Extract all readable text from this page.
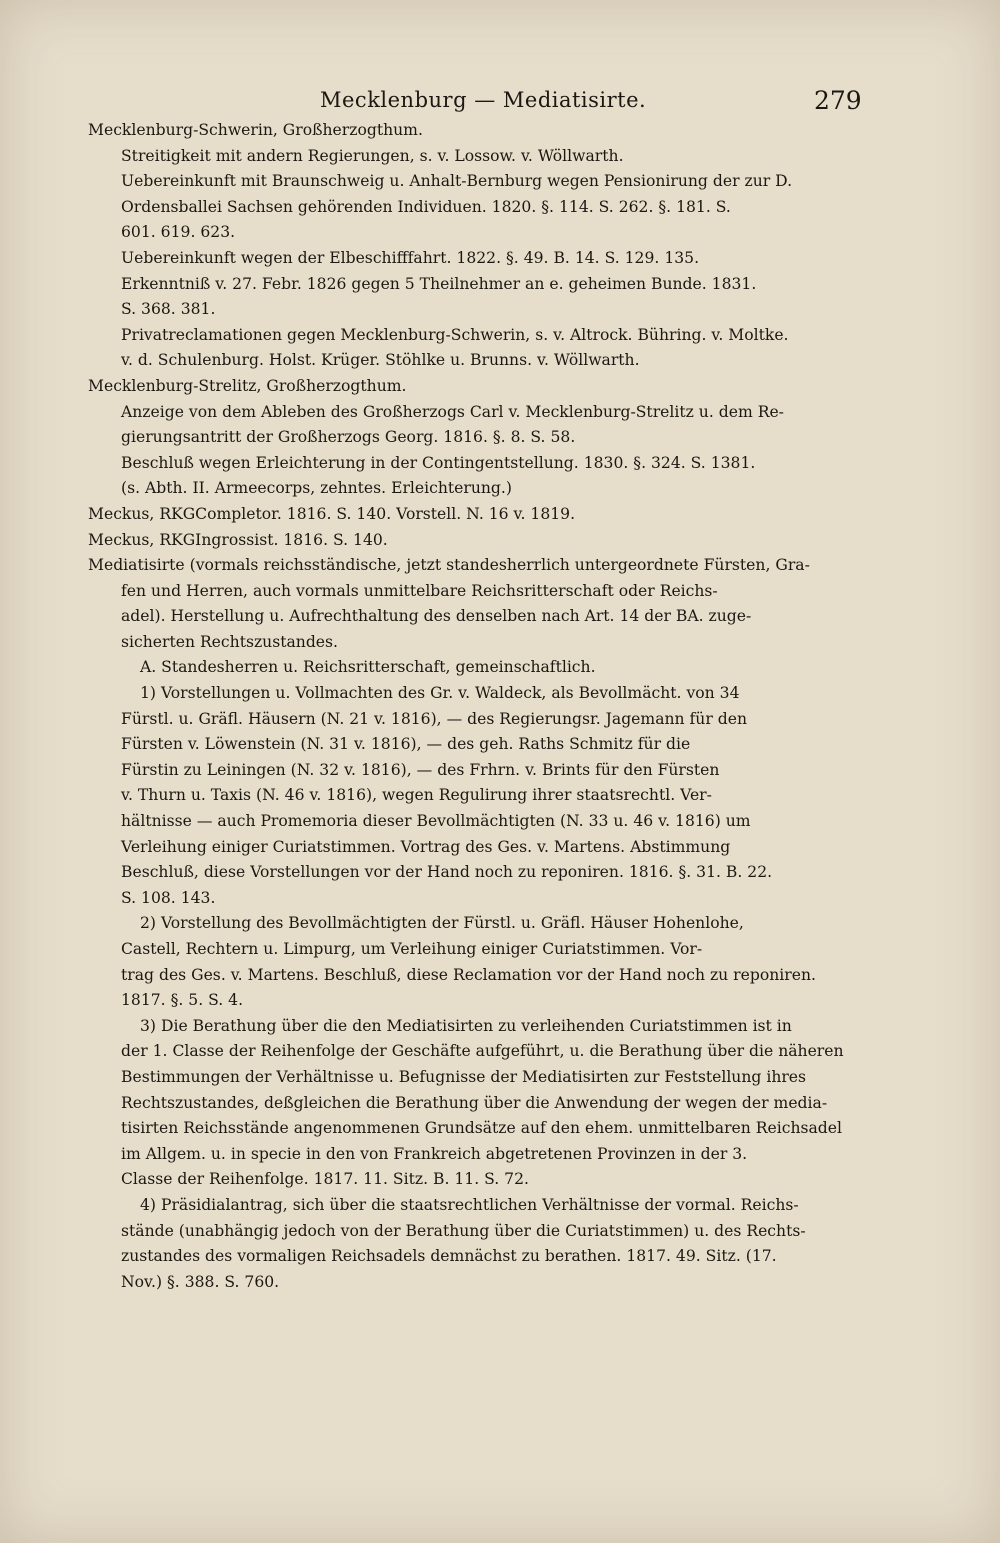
Mecklenburg — Mediatisirte.	279
Mecklenburg-Schwerin, Großherzogthum.
Streitigkeit mit andern Regierungen, s. v. Lossow. v. Wöllwarth.
Uebereinkunft mit Braunschweig u. Anhalt-Bernburg wegen Pensionirung der zur D.
Ordensballei Sachsen gehörenden Individuen. 1820. §. 114. S. 262. §. 181. S.
601. 619. 623.
Uebereinkunft wegen der Elbeschifffahrt. 1822. §. 49. B. 14. S. 129. 135.
Erkenntniß v. 27. Febr. 1826 gegen 5 Theilnehmer an e. geheimen Bunde. 1831.
S. 368. 381.
Privatreclamationen gegen Mecklenburg-Schwerin, s. v. Altrock. Bühring. v. Moltke.
v. d. Schulenburg. Holst. Krüger. Stöhlke u. Brunns. v. Wöllwarth.
Mecklenburg-Strelitz, Großherzogthum.
Anzeige von dem Ableben des Großherzogs Carl v. Mecklenburg-Strelitz u. dem Re-
gierungsantritt der Großherzogs Georg. 1816. §. 8. S. 58.
Beschluß wegen Erleichterung in der Contingentstellung. 1830. §. 324. S. 1381.
(s. Abth. II. Armeecorps, zehntes. Erleichterung.)
Meckus, RKGCompletor. 1816. S. 140. Vorstell. N. 16 v. 1819.
Meckus, RKGIngrossist. 1816. S. 140.
Mediatisirte (vormals reichsständische, jetzt standesherrlich untergeordnete Fürsten, Gra-
fen und Herren, auch vormals unmittelbare Reichsritterschaft oder Reichs-
adel). Herstellung u. Aufrechthaltung des denselben nach Art. 14 der BA. zuge-
sicherten Rechtszustandes.
A. Standesherren u. Reichsritterschaft, gemeinschaftlich.
1) Vorstellungen u. Vollmachten des Gr. v. Waldeck, als Bevollmächt. von 34
Fürstl. u. Gräfl. Häusern (N. 21 v. 1816), — des Regierungsr. Jagemann für den
Fürsten v. Löwenstein (N. 31 v. 1816), — des geh. Raths Schmitz für die
Fürstin zu Leiningen (N. 32 v. 1816), — des Frhrn. v. Brints für den Fürsten
v. Thurn u. Taxis (N. 46 v. 1816), wegen Regulirung ihrer staatsrechtl. Ver-
hältnisse — auch Promemoria dieser Bevollmächtigten (N. 33 u. 46 v. 1816) um
Verleihung einiger Curiatstimmen. Vortrag des Ges. v. Martens. Abstimmung
Beschluß, diese Vorstellungen vor der Hand noch zu reponiren. 1816. §. 31. B. 22.
S. 108. 143.
2) Vorstellung des Bevollmächtigten der Fürstl. u. Gräfl. Häuser Hohenlohe,
Castell, Rechtern u. Limpurg, um Verleihung einiger Curiatstimmen. Vor-
trag des Ges. v. Martens. Beschluß, diese Reclamation vor der Hand noch zu reponiren.
1817. §. 5. S. 4.
3) Die Berathung über die den Mediatisirten zu verleihenden Curiatstimmen ist in
der 1. Classe der Reihenfolge der Geschäfte aufgeführt, u. die Berathung über die näheren
Bestimmungen der Verhältnisse u. Befugnisse der Mediatisirten zur Feststellung ihres
Rechtszustandes, deßgleichen die Berathung über die Anwendung der wegen der media-
tisirten Reichsstände angenommenen Grundsätze auf den ehem. unmittelbaren Reichsadel
im Allgem. u. in specie in den von Frankreich abgetretenen Provinzen in der 3.
Classe der Reihenfolge. 1817. 11. Sitz. B. 11. S. 72.
4) Präsidialantrag, sich über die staatsrechtlichen Verhältnisse der vormal. Reichs-
stände (unabhängig jedoch von der Berathung über die Curiatstimmen) u. des Rechts-
zustandes des vormaligen Reichsadels demnächst zu berathen. 1817. 49. Sitz. (17.
Nov.) §. 388. S. 760.
